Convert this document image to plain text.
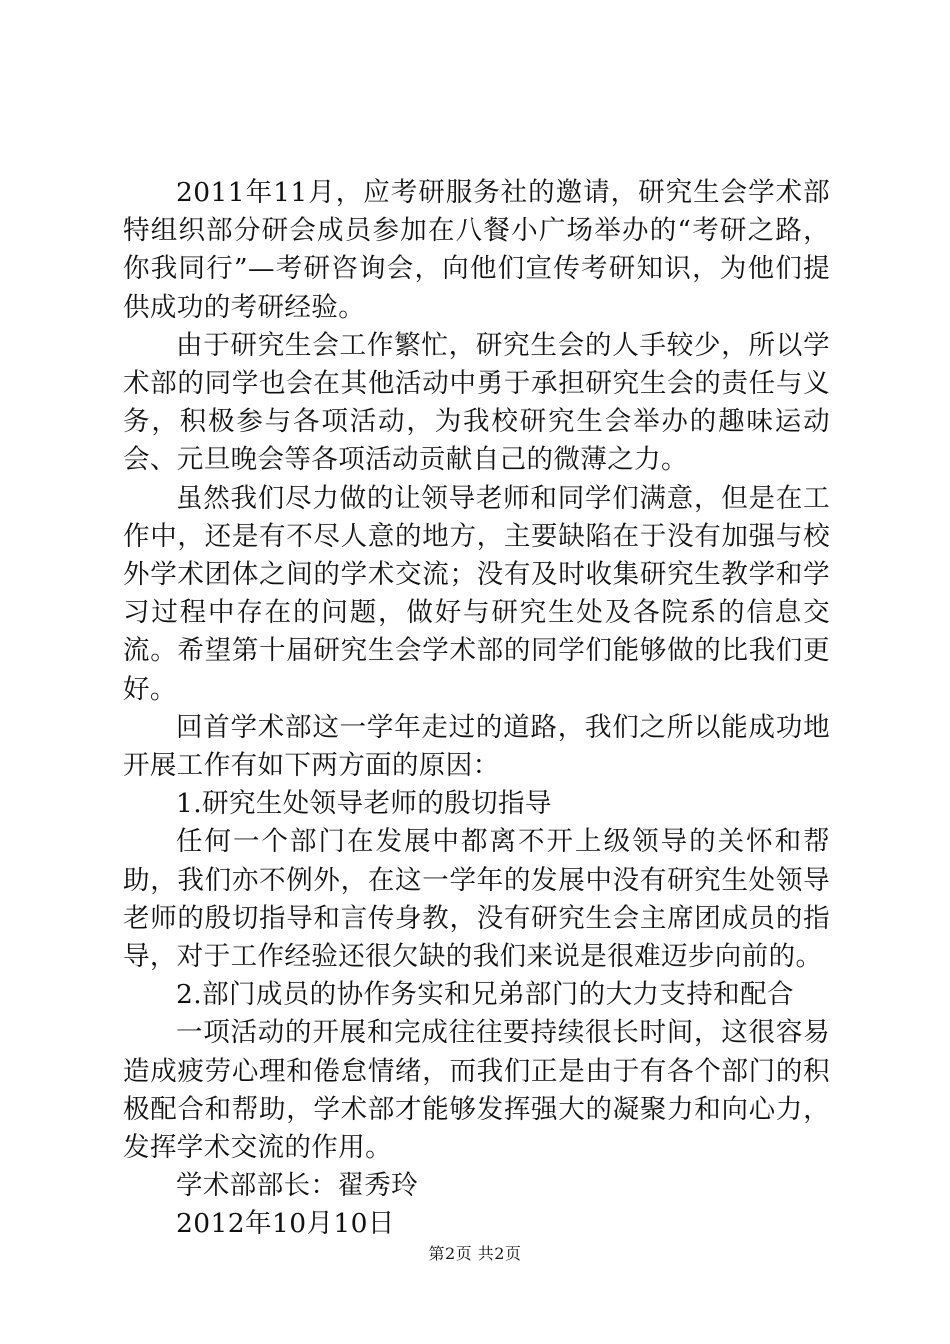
2011年11月，应考研服务社的邀请，研究生会学术部特组织部分研会成员参加在八餐小广场举办的“考研之路，你我同行”—考研咨询会，向他们宣传考研知识，为他们提供成功的考研经验。

由于研究生会工作繁忙，研究生会的人手较少，所以学术部的同学也会在其他活动中勇于承担研究生会的责任与义务，积极参与各项活动，为我校研究生会举办的趣味运动会、元旦晚会等各项活动贡献自己的微薄之力。

虽然我们尽力做的让领导老师和同学们满意，但是在工作中，还是有不尽人意的地方，主要缺陷在于没有加强与校外学术团体之间的学术交流；没有及时收集研究生教学和学习过程中存在的问题，做好与研究生处及各院系的信息交流。希望第十届研究生会学术部的同学们能够做的比我们更好。

回首学术部这一学年走过的道路，我们之所以能成功地开展工作有如下两方面的原因：

1.研究生处领导老师的殷切指导

任何一个部门在发展中都离不开上级领导的关怀和帮助，我们亦不例外，在这一学年的发展中没有研究生处领导老师的殷切指导和言传身教，没有研究生会主席团成员的指导，对于工作经验还很欠缺的我们来说是很难迈步向前的。

2.部门成员的协作务实和兄弟部门的大力支持和配合

一项活动的开展和完成往往要持续很长时间，这很容易造成疲劳心理和倦怠情绪，而我们正是由于有各个部门的积极配合和帮助，学术部才能够发挥强大的凝聚力和向心力，发挥学术交流的作用。

学术部部长：翟秀玲

2012年10月10日

第2页 共2页
